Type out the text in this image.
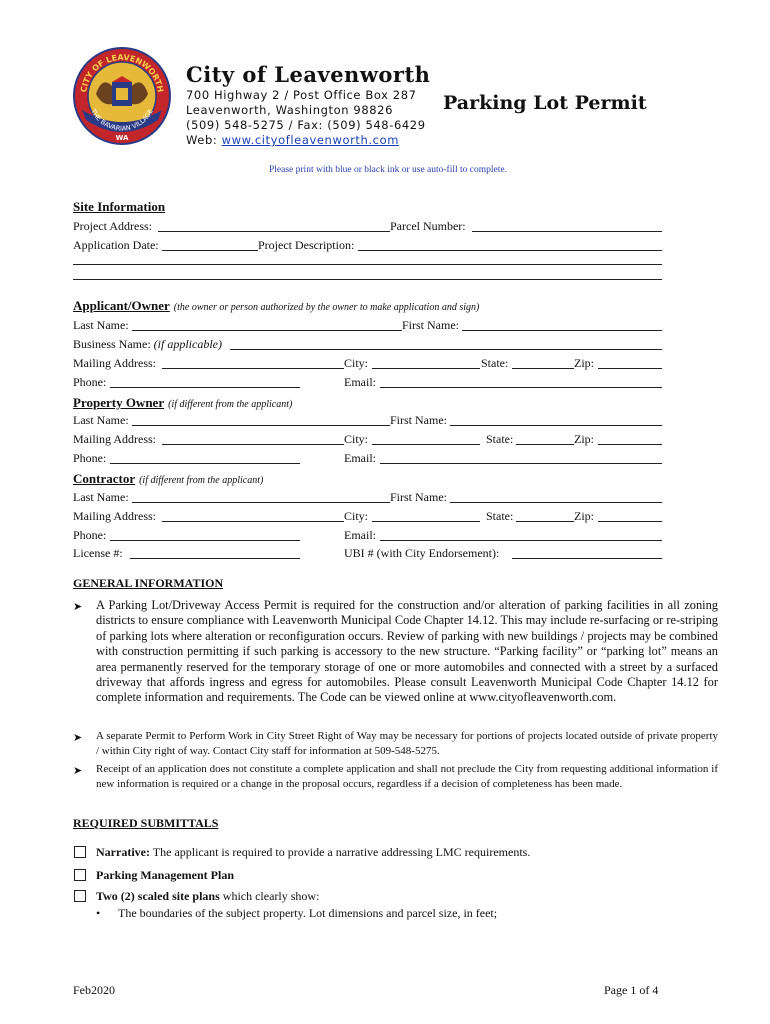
CITY OF LEAVENWORTH
THE BAVARIAN VILLAGE
WA
City of Leavenworth
700 Highway 2 / Post Office Box 287
Leavenworth, Washington 98826
(509) 548-5275 / Fax: (509) 548-6429
Web: www.cityofleavenworth.com
Parking Lot Permit
Please print with blue or black ink or use auto-fill to complete.
Site Information
Project Address:	Parcel Number:
Application Date:	Project Description:
Applicant/Owner (the owner or person authorized by the owner to make application and sign)
Last Name:	First Name:
Business Name: (if applicable)
Mailing Address:	City:	State:	Zip:
Phone:	Email:
Property Owner (if different from the applicant)
Last Name:	First Name:
Mailing Address:	City:	State:	Zip:
Phone:	Email:
Contractor (if different from the applicant)
Last Name:	First Name:
Mailing Address:	City:	State:	Zip:
Phone:	Email:
License #:	UBI # (with City Endorsement):
GENERAL INFORMATION
➤ A Parking Lot/Driveway Access Permit is required for the construction and/or alteration of parking facilities in all zoning districts to ensure compliance with Leavenworth Municipal Code Chapter 14.12. This may include re-surfacing or re-striping of parking lots where alteration or reconfiguration occurs. Review of parking with new buildings / projects may be combined with construction permitting if such parking is accessory to the new structure. “Parking facility” or “parking lot” means an area permanently reserved for the temporary storage of one or more automobiles and connected with a street by a surfaced driveway that affords ingress and egress for automobiles. Please consult Leavenworth Municipal Code Chapter 14.12 for complete information and requirements. The Code can be viewed online at www.cityofleavenworth.com.
➤ A separate Permit to Perform Work in City Street Right of Way may be necessary for portions of projects located outside of private property / within City right of way. Contact City staff for information at 509-548-5275.
➤ Receipt of an application does not constitute a complete application and shall not preclude the City from requesting additional information if new information is required or a change in the proposal occurs, regardless if a decision of completeness has been made.
REQUIRED SUBMITTALS
Narrative: The applicant is required to provide a narrative addressing LMC requirements.
Parking Management Plan
Two (2) scaled site plans which clearly show:
• The boundaries of the subject property. Lot dimensions and parcel size, in feet;
Feb2020	Page 1 of 4
